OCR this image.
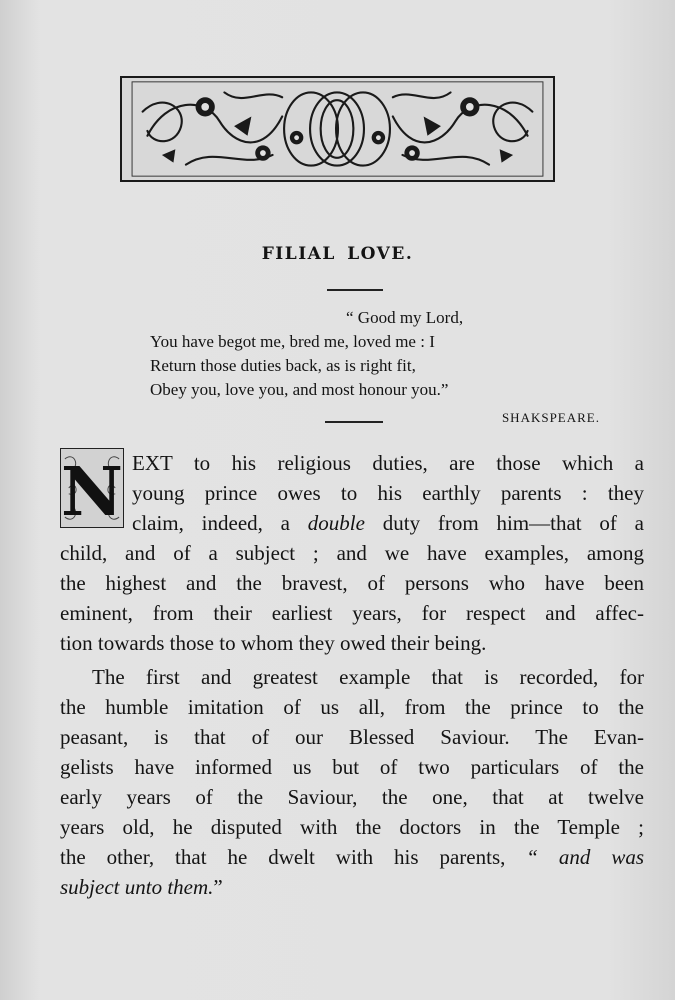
FILIAL LOVE.
“ Good my Lord,
You have begot me, bred me, loved me : I
Return those duties back, as is right fit,
Obey you, love you, and most honour you.”
SHAKSPEARE.
N EXT to his religious duties, are those which a
young prince owes to his earthly parents : they
claim, indeed, a double duty from him—that of a
child, and of a subject ; and we have examples, among
the highest and the bravest, of persons who have been
eminent, from their earliest years, for respect and affec-
tion towards those to whom they owed their being.
The first and greatest example that is recorded, for
the humble imitation of us all, from the prince to the
peasant, is that of our Blessed Saviour. The Evan-
gelists have informed us but of two particulars of the
early years of the Saviour, the one, that at twelve
years old, he disputed with the doctors in the Temple ;
the other, that he dwelt with his parents, “ and was
subject unto them.”
